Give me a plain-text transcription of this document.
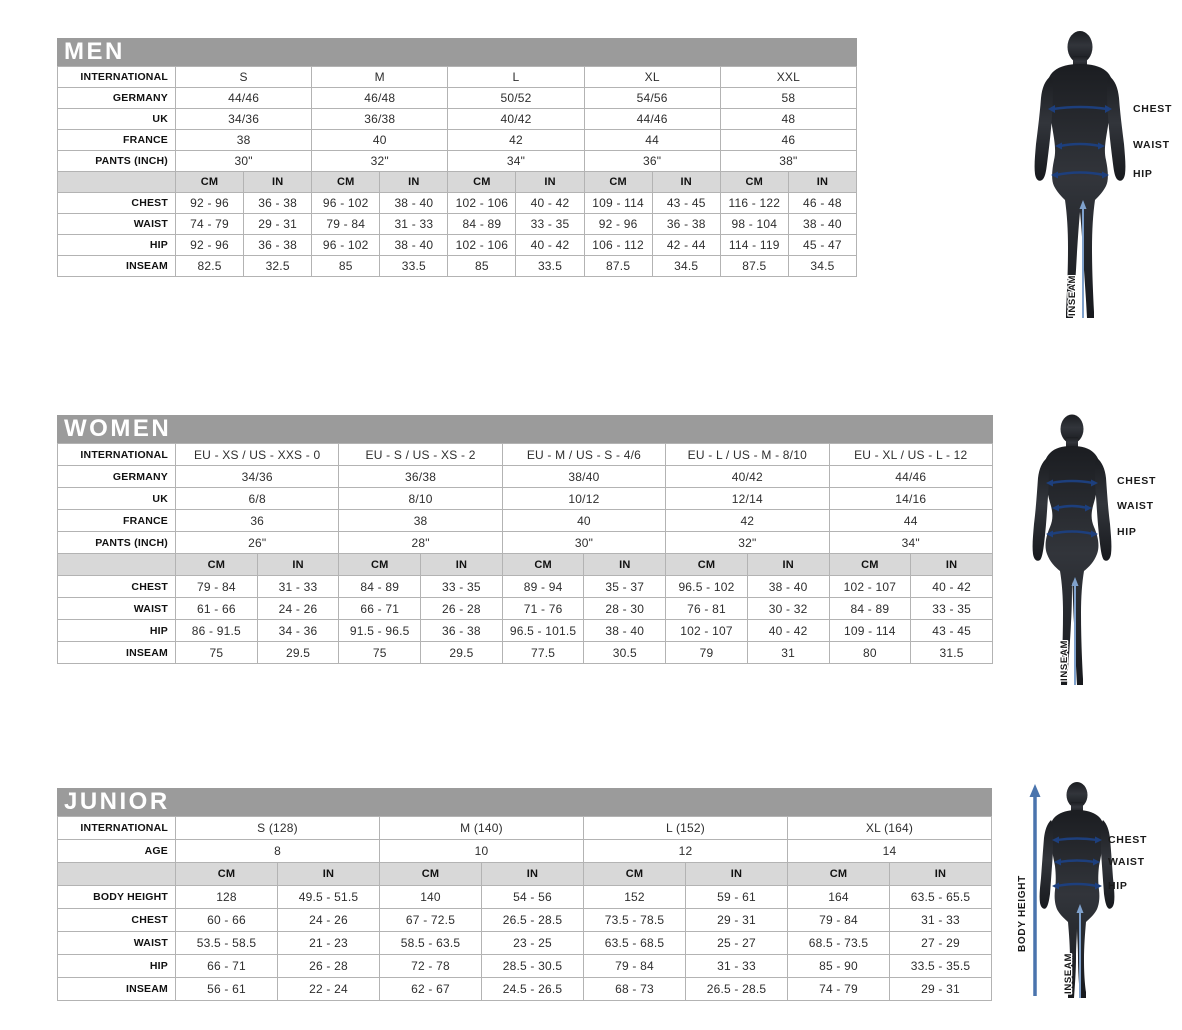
MEN
INTERNATIONAL	S		M		L		XL		XXL	
GERMANY	44/46		46/48		50/52		54/56		58	
UK	34/36		36/38		40/42		44/46		48	
FRANCE	38		40		42		44		46	
PANTS (INCH)	30"		32"		34"		36"		38"	
	CM	IN	CM	IN	CM	IN	CM	IN	CM	IN
CHEST	92 - 96	36 - 38	96 - 102	38 - 40	102 - 106	40 - 42	109 - 114	43 - 45	116 - 122	46 - 48
WAIST	74 - 79	29 - 31	79 - 84	31 - 33	84 - 89	33 - 35	92 - 96	36 - 38	98 - 104	38 - 40
HIP	92 - 96	36 - 38	96 - 102	38 - 40	102 - 106	40 - 42	106 - 112	42 - 44	114 - 119	45 - 47
INSEAM	82.5	32.5	85	33.5	85	33.5	87.5	34.5	87.5	34.5
WOMEN
INTERNATIONAL	EU - XS / US - XXS - 0		EU - S / US - XS - 2		EU - M / US - S - 4/6		EU - L / US - M - 8/10		EU - XL / US - L - 12	
GERMANY	34/36		36/38		38/40		40/42		44/46	
UK	6/8		8/10		10/12		12/14		14/16	
FRANCE	36		38		40		42		44	
PANTS (INCH)	26"		28"		30"		32"		34"	
	CM	IN	CM	IN	CM	IN	CM	IN	CM	IN
CHEST	79 - 84	31 - 33	84 - 89	33 - 35	89 - 94	35 - 37	96.5 - 102	38 - 40	102 - 107	40 - 42
WAIST	61 - 66	24 - 26	66 - 71	26 - 28	71 - 76	28 - 30	76 - 81	30 - 32	84 - 89	33 - 35
HIP	86 - 91.5	34 - 36	91.5 - 96.5	36 - 38	96.5 - 101.5	38 - 40	102 - 107	40 - 42	109 - 114	43 - 45
INSEAM	75	29.5	75	29.5	77.5	30.5	79	31	80	31.5
JUNIOR
INTERNATIONAL	S (128)		M (140)		L (152)		XL (164)	
AGE	8		10		12		14	
	CM	IN	CM	IN	CM	IN	CM	IN
BODY HEIGHT	128	49.5 - 51.5	140	54 - 56	152	59 - 61	164	63.5 - 65.5
CHEST	60 - 66	24 - 26	67 - 72.5	26.5 - 28.5	73.5 - 78.5	29 - 31	79 - 84	31 - 33
WAIST	53.5 - 58.5	21 - 23	58.5 - 63.5	23 - 25	63.5 - 68.5	25 - 27	68.5 - 73.5	27 - 29
HIP	66 - 71	26 - 28	72 - 78	28.5 - 30.5	79 - 84	31 - 33	85 - 90	33.5 - 35.5
INSEAM	56 - 61	22 - 24	62 - 67	24.5 - 26.5	68 - 73	26.5 - 28.5	74 - 79	29 - 31
CHEST
WAIST
HIP
INSEAM
CHEST
WAIST
HIP
INSEAM
CHEST
WAIST
HIP
INSEAM
BODY HEIGHT
